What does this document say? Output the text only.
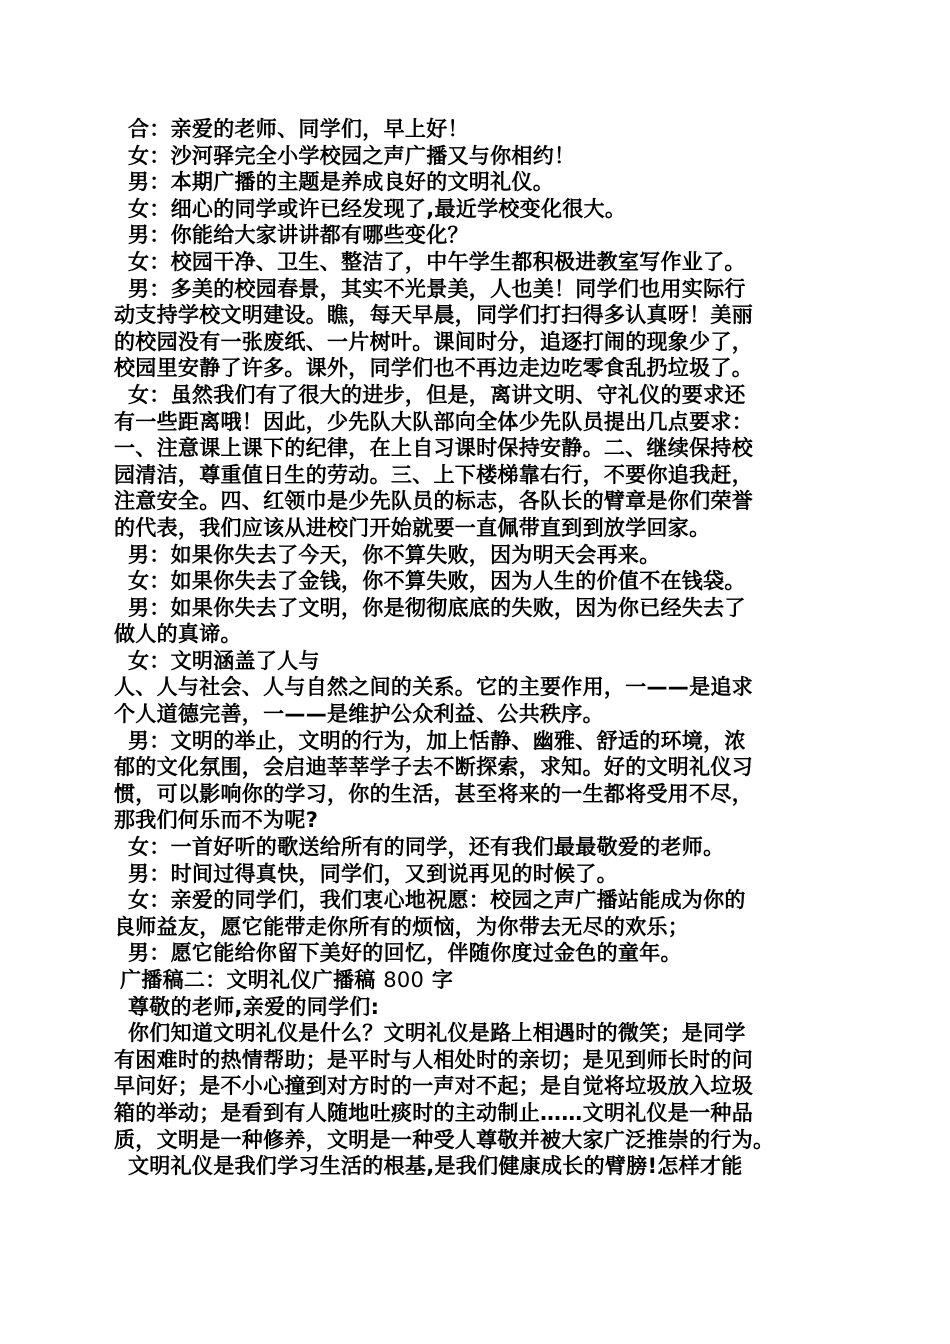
合：亲爱的老师、同学们，早上好！
女：沙河驿完全小学校园之声广播又与你相约！
男：本期广播的主题是养成良好的文明礼仪。
女：细心的同学或许已经发现了,最近学校变化很大。
男：你能给大家讲讲都有哪些变化？
女：校园干净、卫生、整洁了，中午学生都积极进教室写作业了。
男：多美的校园春景，其实不光景美，人也美！同学们也用实际行
动支持学校文明建设。瞧，每天早晨，同学们打扫得多认真呀！美丽
的校园没有一张废纸、一片树叶。课间时分，追逐打闹的现象少了，
校园里安静了许多。课外，同学们也不再边走边吃零食乱扔垃圾了。
女：虽然我们有了很大的进步，但是，离讲文明、守礼仪的要求还
有一些距离哦！因此，少先队大队部向全体少先队员提出几点要求：
一、注意课上课下的纪律，在上自习课时保持安静。二、继续保持校
园清洁，尊重值日生的劳动。三、上下楼梯靠右行，不要你追我赶，
注意安全。四、红领巾是少先队员的标志，各队长的臂章是你们荣誉
的代表，我们应该从进校门开始就要一直佩带直到到放学回家。
男：如果你失去了今天，你不算失败，因为明天会再来。
女：如果你失去了金钱，你不算失败，因为人生的价值不在钱袋。
男：如果你失去了文明，你是彻彻底底的失败，因为你已经失去了
做人的真谛。
女：文明涵盖了人与
人、人与社会、人与自然之间的关系。它的主要作用，一——是追求
个人道德完善，一——是维护公众利益、公共秩序。
男：文明的举止，文明的行为，加上恬静、幽雅、舒适的环境，浓
郁的文化氛围，会启迪莘莘学子去不断探索，求知。好的文明礼仪习
惯，可以影响你的学习，你的生活，甚至将来的一生都将受用不尽，
那我们何乐而不为呢?
女：一首好听的歌送给所有的同学，还有我们最最敬爱的老师。
男：时间过得真快，同学们，又到说再见的时候了。
女：亲爱的同学们，我们衷心地祝愿：校园之声广播站能成为你的
良师益友，愿它能带走你所有的烦恼，为你带去无尽的欢乐；
男：愿它能给你留下美好的回忆，伴随你度过金色的童年。
广播稿二：文明礼仪广播稿 800 字
尊敬的老师,亲爱的同学们:
你们知道文明礼仪是什么？文明礼仪是路上相遇时的微笑；是同学
有困难时的热情帮助；是平时与人相处时的亲切；是见到师长时的问
早问好；是不小心撞到对方时的一声对不起；是自觉将垃圾放入垃圾
箱的举动；是看到有人随地吐痰时的主动制止……文明礼仪是一种品
质，文明是一种修养，文明是一种受人尊敬并被大家广泛推崇的行为。
文明礼仪是我们学习生活的根基,是我们健康成长的臂膀!怎样才能
